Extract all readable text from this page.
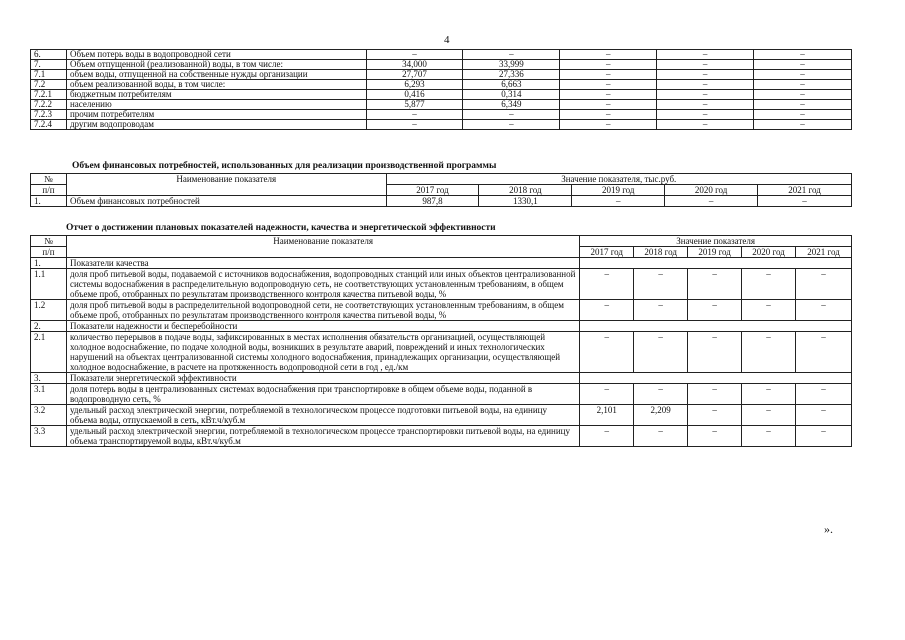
4
6.	Объем потерь воды в водопроводной сети	–	–	–	–	–
7.	Объем отпущенной (реализованной) воды, в том числе:	34,000	33,999	–	–	–
7.1	объем воды, отпущенной на собственные нужды организации	27,707	27,336	–	–	–
7.2	объем реализованной воды, в том числе:	6,293	6,663	–	–	–
7.2.1	бюджетным потребителям	0,416	0,314	–	–	–
7.2.2	населению	5,877	6,349	–	–	–
7.2.3	прочим потребителям	–	–	–	–	–
7.2.4	другим водопроводам	–	–	–	–	–
Объем финансовых потребностей, использованных для реализации производственной программы
№	Наименование показателя	Значение показателя, тыс.руб.				
п/п		2017 год	2018 год	2019 год	2020 год	2021 год
1.	Объем финансовых потребностей	987,8	1330,1	–	–	–
Отчет о достижении плановых показателей надежности, качества и энергетической эффективности
№	Наименование показателя	Значение показателя				
п/п		2017 год	2018 год	2019 год	2020 год	2021 год
1.	Показатели качества					
1.1	доля проб питьевой воды, подаваемой с источников водоснабжения, водопроводных станций или иных объектов централизованной системы водоснабжения в распределительную водопроводную сеть, не соответствующих установленным требованиям, в общем объеме проб, отобранных по результатам производственного контроля качества питьевой воды, %	–	–	–	–	–
1.2	доля проб питьевой воды в распределительной водопроводной сети, не соответствующих установленным требованиям, в общем объеме проб, отобранных по результатам производственного контроля качества питьевой воды, %	–	–	–	–	–
2.	Показатели надежности и бесперебойности					
2.1	количество перерывов в подаче воды, зафиксированных в местах исполнения обязательств организацией, осуществляющей холодное водоснабжение, по подаче холодной воды, возникших в результате аварий, повреждений и иных технологических нарушений на объектах централизованной системы холодного водоснабжения, принадлежащих организации, осуществляющей холодное водоснабжение, в расчете на протяженность водопроводной сети в год , ед./км	–	–	–	–	–
3.	Показатели энергетической эффективности					
3.1	доля потерь воды в централизованных системах водоснабжения при транспортировке в общем объеме воды, поданной в водопроводную сеть, %	–	–	–	–	–
3.2	удельный расход электрической энергии, потребляемой в технологическом процессе подготовки питьевой воды, на единицу объема воды, отпускаемой в сеть, кВт.ч/куб.м	2,101	2,209	–	–	–
3.3	удельный расход электрической энергии, потребляемой в технологическом процессе транспортировки питьевой воды, на единицу объема транспортируемой воды, кВт.ч/куб.м	–	–	–	–	–
».
